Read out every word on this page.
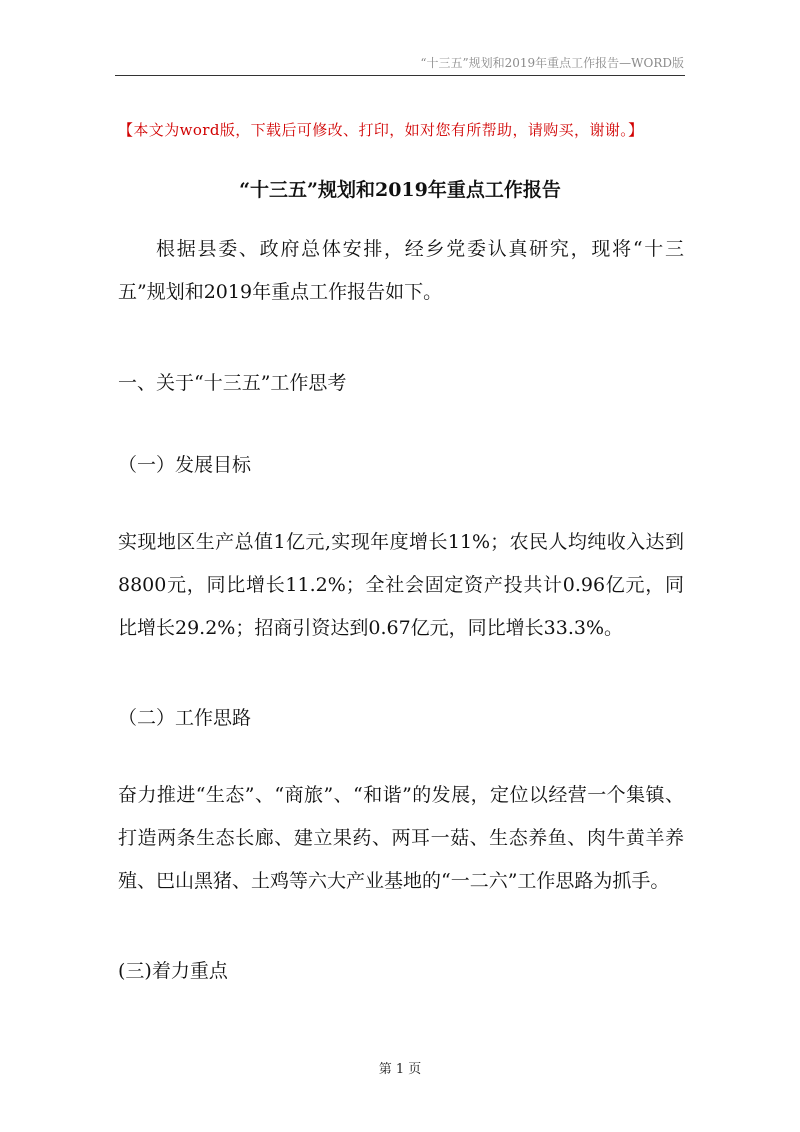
“十三五”规划和2019年重点工作报告—WORD版
【本文为word版，下载后可修改、打印，如对您有所帮助，请购买，谢谢。】
“十三五”规划和2019年重点工作报告
根据县委、政府总体安排，经乡党委认真研究，现将“十三五”规划和2019年重点工作报告如下。
一、关于“十三五”工作思考
（一）发展目标
实现地区生产总值1亿元,实现年度增长11%；农民人均纯收入达到8800元，同比增长11.2%；全社会固定资产投共计0.96亿元，同比增长29.2%；招商引资达到0.67亿元，同比增长33.3%。
（二）工作思路
奋力推进“生态”、“商旅”、“和谐”的发展，定位以经营一个集镇、打造两条生态长廊、建立果药、两耳一菇、生态养鱼、肉牛黄羊养殖、巴山黑猪、土鸡等六大产业基地的“一二六”工作思路为抓手。
(三)着力重点
第 1 页
